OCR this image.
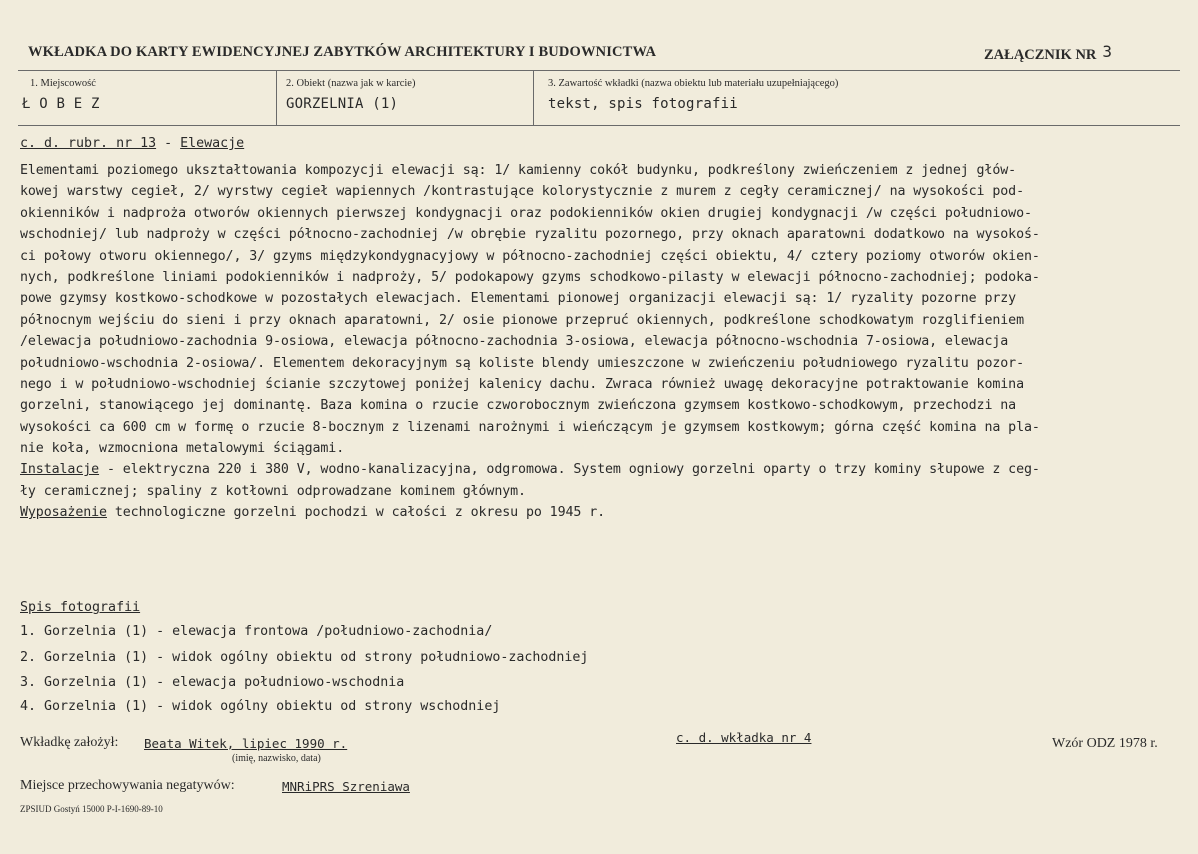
WKŁADKA DO KARTY EWIDENCYJNEJ ZABYTKÓW ARCHITEKTURY I BUDOWNICTWA	ZAŁĄCZNIK NR 3
1. Miejscowość
Ł O B E Z
2. Obiekt (nazwa jak w karcie)
GORZELNIA (1)
3. Zawartość wkładki (nazwa obiektu lub materiału uzupełniającego)
tekst, spis fotografii
c. d. rubr. nr 13 - Elewacje
Elementami poziomego ukształtowania kompozycji elewacji są: 1/ kamienny cokół budynku, podkreślony zwieńczeniem z jednej głów-
kowej warstwy cegieł, 2/ wyrstwy cegieł wapiennych /kontrastujące kolorystycznie z murem z cegły ceramicznej/ na wysokości pod-
okienników i nadproża otworów okiennych pierwszej kondygnacji oraz podokienników okien drugiej kondygnacji /w części południowo-
wschodniej/ lub nadproży w części północno-zachodniej /w obrębie ryzalitu pozornego, przy oknach aparatowni dodatkowo na wysokoś-
ci połowy otworu okiennego/, 3/ gzyms międzykondygnacyjowy w północno-zachodniej części obiektu, 4/ cztery poziomy otworów okien-
nych, podkreślone liniami podokienników i nadproży, 5/ podokapowy gzyms schodkowo-pilasty w elewacji północno-zachodniej; podoka-
powe gzymsy kostkowo-schodkowe w pozostałych elewacjach. Elementami pionowej organizacji elewacji są: 1/ ryzality pozorne przy
północnym wejściu do sieni i przy oknach aparatowni, 2/ osie pionowe przepruć okiennych, podkreślone schodkowatym rozglifieniem
/elewacja południowo-zachodnia 9-osiowa, elewacja północno-zachodnia 3-osiowa, elewacja północno-wschodnia 7-osiowa, elewacja
południowo-wschodnia 2-osiowa/. Elementem dekoracyjnym są koliste blendy umieszczone w zwieńczeniu południowego ryzalitu pozor-
nego i w południowo-wschodniej ścianie szczytowej poniżej kalenicy dachu. Zwraca również uwagę dekoracyjne potraktowanie komina
gorzelni, stanowiącego jej dominantę. Baza komina o rzucie czworobocznym zwieńczona gzymsem kostkowo-schodkowym, przechodzi na
wysokości ca 600 cm w formę o rzucie 8-bocznym z lizenami narożnymi i wieńczącym je gzymsem kostkowym; górna część komina na pla-
nie koła, wzmocniona metalowymi ściągami.
Instalacje - elektryczna 220 i 380 V, wodno-kanalizacyjna, odgromowa. System ogniowy gorzelni oparty o trzy kominy słupowe z ceg-
ły ceramicznej; spaliny z kotłowni odprowadzane kominem głównym.
Wyposażenie technologiczne gorzelni pochodzi w całości z okresu po 1945 r.
Spis fotografii
1. Gorzelnia (1) - elewacja frontowa /południowo-zachodnia/
2. Gorzelnia (1) - widok ogólny obiektu od strony południowo-zachodniej
3. Gorzelnia (1) - elewacja południowo-wschodnia
4. Gorzelnia (1) - widok ogólny obiektu od strony wschodniej
Wkładkę założył: Beata Witek, lipiec 1990 r.
(imię, nazwisko, data)
c. d. wkładka nr 4	Wzór ODZ 1978 r.
Miejsce przechowywania negatywów:	MNRiPRS Szreniawa
ZPSIUD Gostyń 15000 P-I-1690-89-10
